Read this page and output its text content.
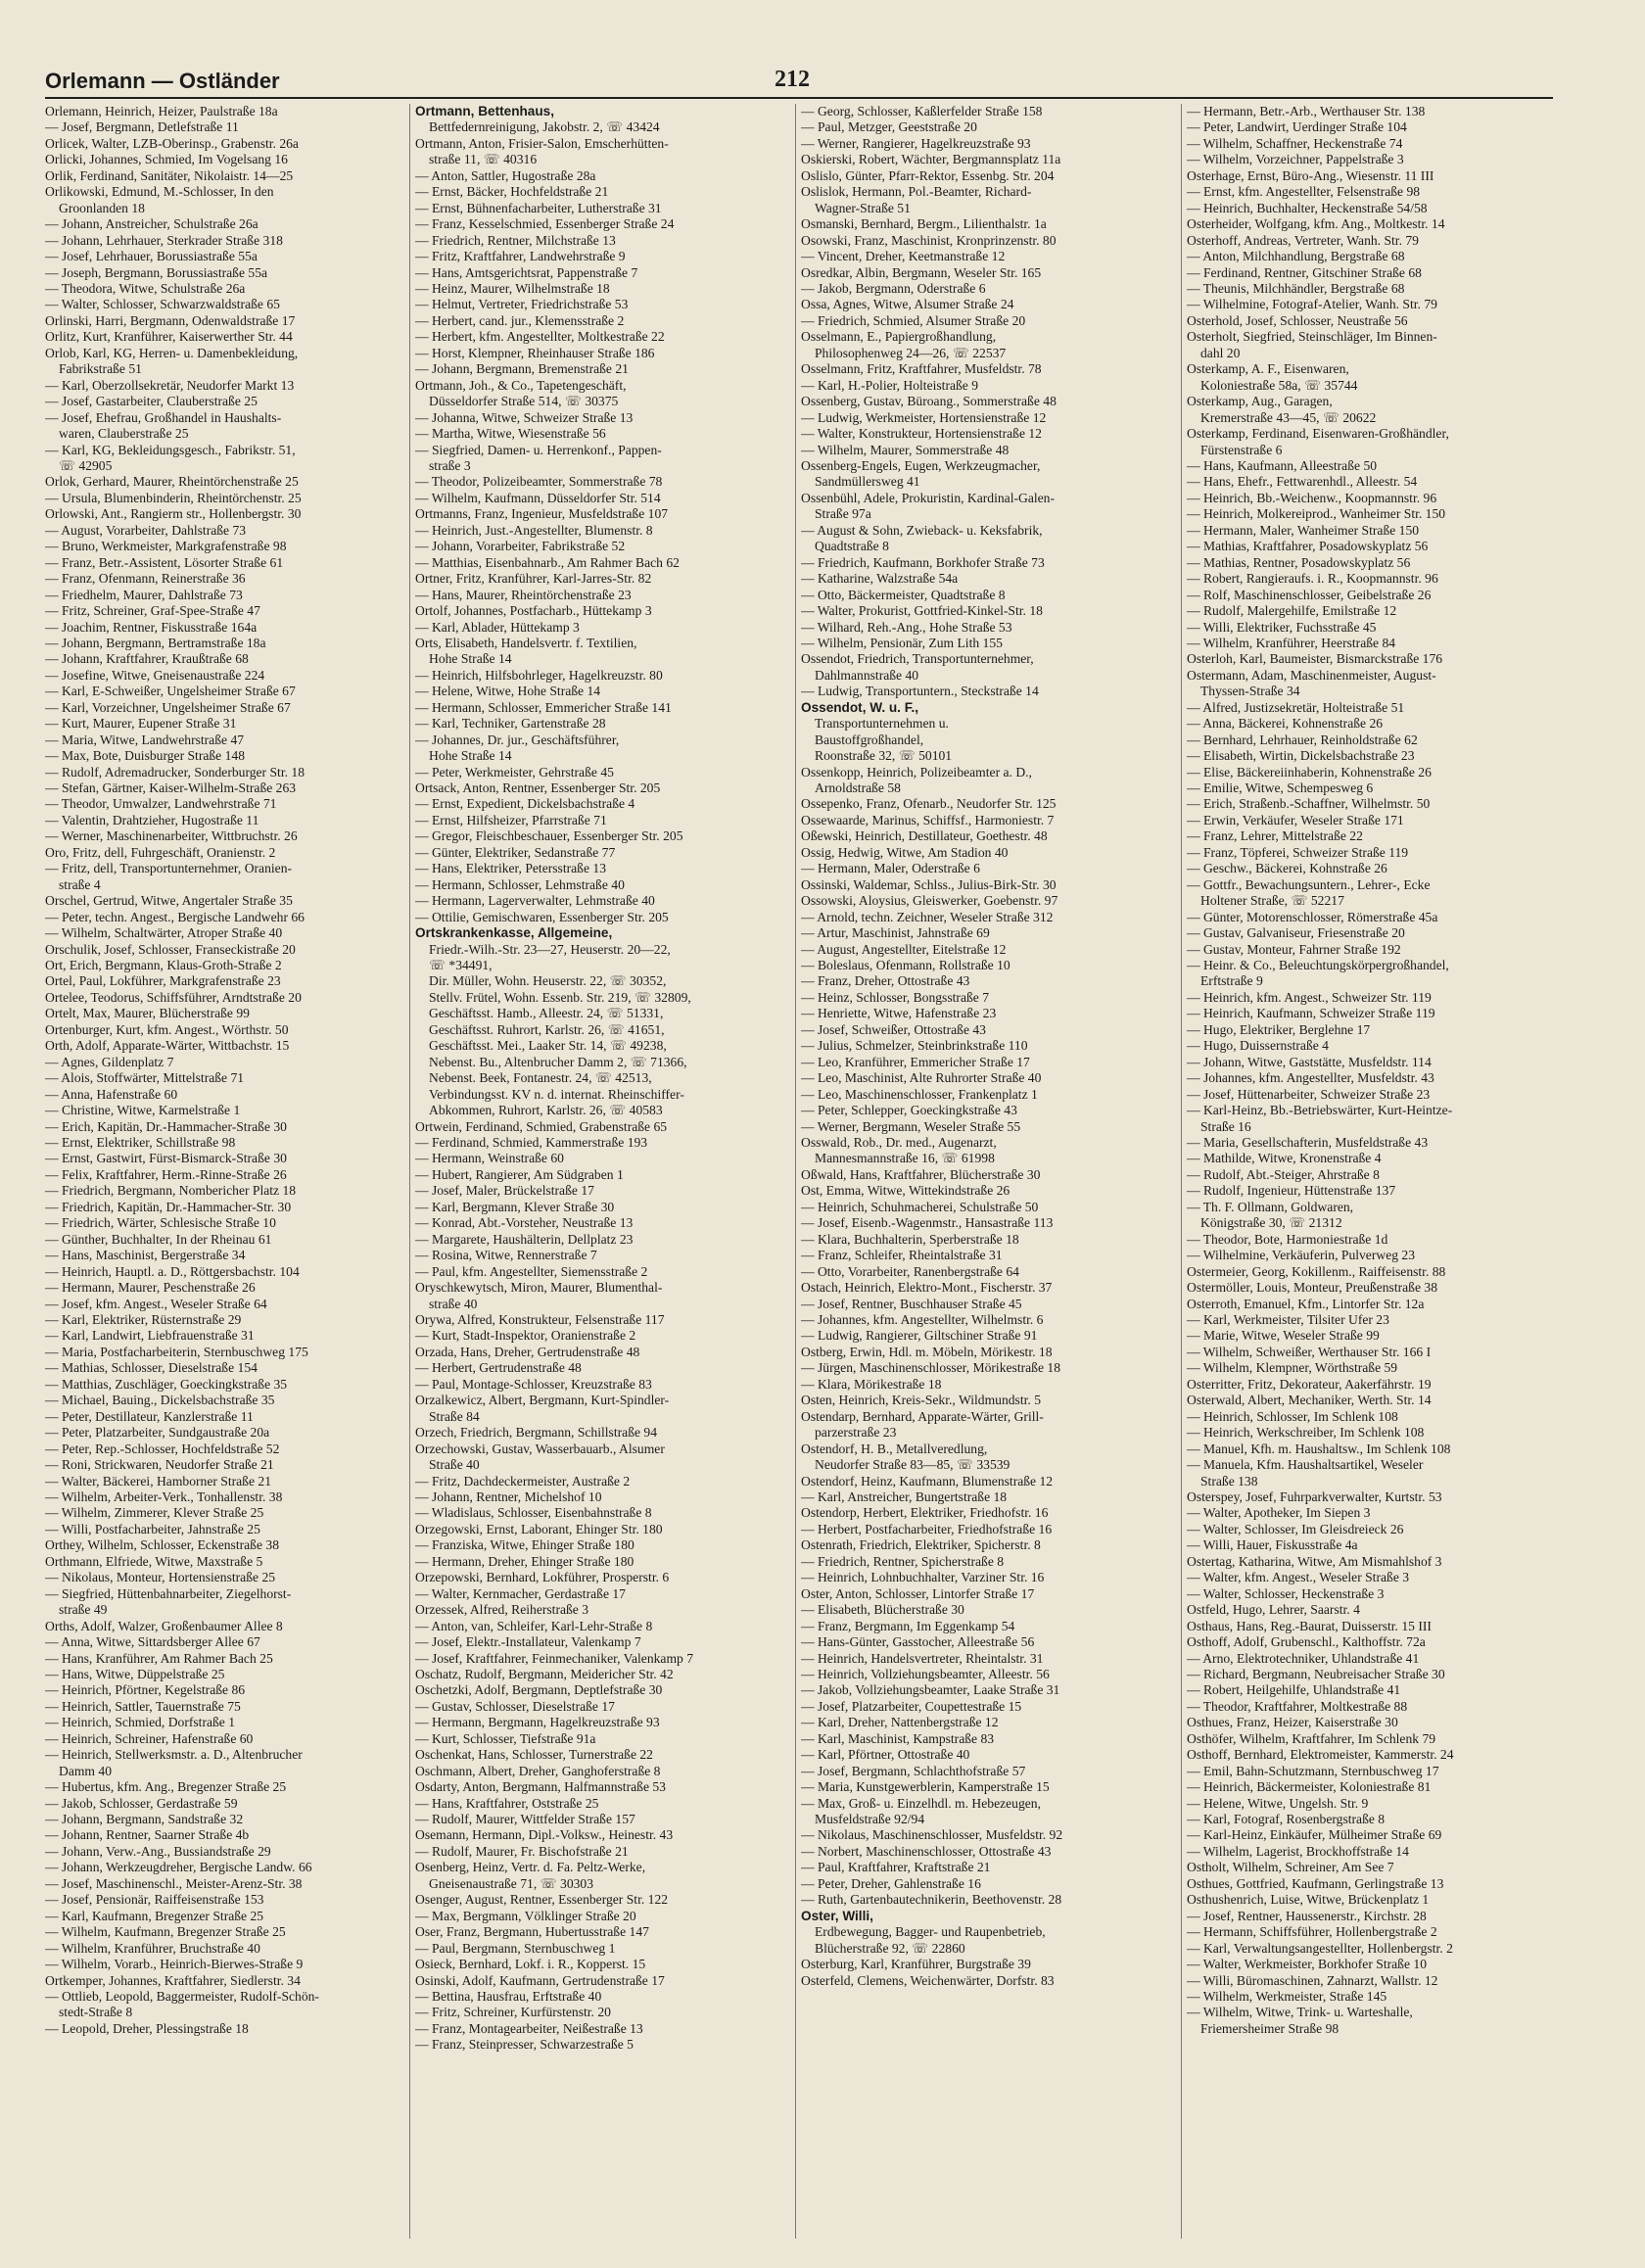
Orlemann — Ostländer	212
Orlemann, Heinrich, Heizer, Paulstraße 18a
— Josef, Bergmann, Detlefstraße 11
Orlicek, Walter, LZB-Oberinsp., Grabenstr. 26a
Orlicki, Johannes, Schmied, Im Vogelsang 16
Orlik, Ferdinand, Sanitäter, Nikolaistr. 14—25
Orlikowski, Edmund, M.-Schlosser, In den
Groonlanden 18
— Johann, Anstreicher, Schulstraße 26a
— Johann, Lehrhauer, Sterkrader Straße 318
— Josef, Lehrhauer, Borussiastraße 55a
— Joseph, Bergmann, Borussiastraße 55a
— Theodora, Witwe, Schulstraße 26a
— Walter, Schlosser, Schwarzwaldstraße 65
Orlinski, Harri, Bergmann, Odenwaldstraße 17
Orlitz, Kurt, Kranführer, Kaiserwerther Str. 44
Orlob, Karl, KG, Herren- u. Damenbekleidung,
Fabrikstraße 51
— Karl, Oberzollsekretär, Neudorfer Markt 13
— Josef, Gastarbeiter, Clauberstraße 25
— Josef, Ehefrau, Großhandel in Haushalts-
waren, Clauberstraße 25
— Karl, KG, Bekleidungsgesch., Fabrikstr. 51,
☏ 42905
Orlok, Gerhard, Maurer, Rheintörchenstraße 25
— Ursula, Blumenbinderin, Rheintörchenstr. 25
Orlowski, Ant., Rangierm str., Hollenbergstr. 30
— August, Vorarbeiter, Dahlstraße 73
— Bruno, Werkmeister, Markgrafenstraße 98
— Franz, Betr.-Assistent, Lösorter Straße 61
— Franz, Ofenmann, Reinerstraße 36
— Friedhelm, Maurer, Dahlstraße 73
— Fritz, Schreiner, Graf-Spee-Straße 47
— Joachim, Rentner, Fiskusstraße 164a
— Johann, Bergmann, Bertramstraße 18a
— Johann, Kraftfahrer, Kraußtraße 68
— Josefine, Witwe, Gneisenaustraße 224
— Karl, E-Schweißer, Ungelsheimer Straße 67
— Karl, Vorzeichner, Ungelsheimer Straße 67
— Kurt, Maurer, Eupener Straße 31
— Maria, Witwe, Landwehrstraße 47
— Max, Bote, Duisburger Straße 148
— Rudolf, Adremadrucker, Sonderburger Str. 18
— Stefan, Gärtner, Kaiser-Wilhelm-Straße 263
— Theodor, Umwalzer, Landwehrstraße 71
— Valentin, Drahtzieher, Hugostraße 11
— Werner, Maschinenarbeiter, Wittbruchstr. 26
Oro, Fritz, dell, Fuhrgeschäft, Oranienstr. 2
— Fritz, dell, Transportunternehmer, Oranien-
straße 4
Orschel, Gertrud, Witwe, Angertaler Straße 35
— Peter, techn. Angest., Bergische Landwehr 66
— Wilhelm, Schaltwärter, Atroper Straße 40
Orschulik, Josef, Schlosser, Franseckistraße 20
Ort, Erich, Bergmann, Klaus-Groth-Straße 2
Ortel, Paul, Lokführer, Markgrafenstraße 23
Ortelee, Teodorus, Schiffsführer, Arndtstraße 20
Ortelt, Max, Maurer, Blücherstraße 99
Ortenburger, Kurt, kfm. Angest., Wörthstr. 50
Orth, Adolf, Apparate-Wärter, Wittbachstr. 15
— Agnes, Gildenplatz 7
— Alois, Stoffwärter, Mittelstraße 71
— Anna, Hafenstraße 60
— Christine, Witwe, Karmelstraße 1
— Erich, Kapitän, Dr.-Hammacher-Straße 30
— Ernst, Elektriker, Schillstraße 98
— Ernst, Gastwirt, Fürst-Bismarck-Straße 30
— Felix, Kraftfahrer, Herm.-Rinne-Straße 26
— Friedrich, Bergmann, Nombericher Platz 18
— Friedrich, Kapitän, Dr.-Hammacher-Str. 30
— Friedrich, Wärter, Schlesische Straße 10
— Günther, Buchhalter, In der Rheinau 61
— Hans, Maschinist, Bergerstraße 34
— Heinrich, Hauptl. a. D., Röttgersbachstr. 104
— Hermann, Maurer, Peschenstraße 26
— Josef, kfm. Angest., Weseler Straße 64
— Karl, Elektriker, Rüsternstraße 29
— Karl, Landwirt, Liebfrauenstraße 31
— Maria, Postfacharbeiterin, Sternbuschweg 175
— Mathias, Schlosser, Dieselstraße 154
— Matthias, Zuschläger, Goeckingkstraße 35
— Michael, Bauing., Dickelsbachstraße 35
— Peter, Destillateur, Kanzlerstraße 11
— Peter, Platzarbeiter, Sundgaustraße 20a
— Peter, Rep.-Schlosser, Hochfeldstraße 52
— Roni, Strickwaren, Neudorfer Straße 21
— Walter, Bäckerei, Hamborner Straße 21
— Wilhelm, Arbeiter-Verk., Tonhallenstr. 38
— Wilhelm, Zimmerer, Klever Straße 25
— Willi, Postfacharbeiter, Jahnstraße 25
Orthey, Wilhelm, Schlosser, Eckenstraße 38
Orthmann, Elfriede, Witwe, Maxstraße 5
— Nikolaus, Monteur, Hortensienstraße 25
— Siegfried, Hüttenbahnarbeiter, Ziegelhorst-
straße 49
Orths, Adolf, Walzer, Großenbaumer Allee 8
— Anna, Witwe, Sittardsberger Allee 67
— Hans, Kranführer, Am Rahmer Bach 25
— Hans, Witwe, Düppelstraße 25
— Heinrich, Pförtner, Kegelstraße 86
— Heinrich, Sattler, Tauernstraße 75
— Heinrich, Schmied, Dorfstraße 1
— Heinrich, Schreiner, Hafenstraße 60
— Heinrich, Stellwerksmstr. a. D., Altenbrucher
Damm 40
— Hubertus, kfm. Ang., Bregenzer Straße 25
— Jakob, Schlosser, Gerdastraße 59
— Johann, Bergmann, Sandstraße 32
— Johann, Rentner, Saarner Straße 4b
— Johann, Verw.-Ang., Bussiandstraße 29
— Johann, Werkzeugdreher, Bergische Landw. 66
— Josef, Maschinenschl., Meister-Arenz-Str. 38
— Josef, Pensionär, Raiffeisenstraße 153
— Karl, Kaufmann, Bregenzer Straße 25
— Wilhelm, Kaufmann, Bregenzer Straße 25
— Wilhelm, Kranführer, Bruchstraße 40
— Wilhelm, Vorarb., Heinrich-Bierwes-Straße 9
Ortkemper, Johannes, Kraftfahrer, Siedlerstr. 34
— Ottlieb, Leopold, Baggermeister, Rudolf-Schön-
stedt-Straße 8
— Leopold, Dreher, Plessingstraße 18
Ortmann, Bettenhaus,
Bettfedernreinigung, Jakobstr. 2, ☏ 43424
Ortmann, Anton, Frisier-Salon, Emscherhütten-
straße 11, ☏ 40316
— Anton, Sattler, Hugostraße 28a
— Ernst, Bäcker, Hochfeldstraße 21
— Ernst, Bühnenfacharbeiter, Lutherstraße 31
— Franz, Kesselschmied, Essenberger Straße 24
— Friedrich, Rentner, Milchstraße 13
— Fritz, Kraftfahrer, Landwehrstraße 9
— Hans, Amtsgerichtsrat, Pappenstraße 7
— Heinz, Maurer, Wilhelmstraße 18
— Helmut, Vertreter, Friedrichstraße 53
— Herbert, cand. jur., Klemensstraße 2
— Herbert, kfm. Angestellter, Moltkestraße 22
— Horst, Klempner, Rheinhauser Straße 186
— Johann, Bergmann, Bremenstraße 21
Ortmann, Joh., & Co., Tapetengeschäft,
Düsseldorfer Straße 514, ☏ 30375
— Johanna, Witwe, Schweizer Straße 13
— Martha, Witwe, Wiesenstraße 56
— Siegfried, Damen- u. Herrenkonf., Pappen-
straße 3
— Theodor, Polizeibeamter, Sommerstraße 78
— Wilhelm, Kaufmann, Düsseldorfer Str. 514
Ortmanns, Franz, Ingenieur, Musfeldstraße 107
— Heinrich, Just.-Angestellter, Blumenstr. 8
— Johann, Vorarbeiter, Fabrikstraße 52
— Matthias, Eisenbahnarb., Am Rahmer Bach 62
Ortner, Fritz, Kranführer, Karl-Jarres-Str. 82
— Hans, Maurer, Rheintörchenstraße 23
Ortolf, Johannes, Postfacharb., Hüttekamp 3
— Karl, Ablader, Hüttekamp 3
Orts, Elisabeth, Handelsvertr. f. Textilien,
Hohe Straße 14
— Heinrich, Hilfsbohrleger, Hagelkreuzstr. 80
— Helene, Witwe, Hohe Straße 14
— Hermann, Schlosser, Emmericher Straße 141
— Karl, Techniker, Gartenstraße 28
— Johannes, Dr. jur., Geschäftsführer,
Hohe Straße 14
— Peter, Werkmeister, Gehrstraße 45
Ortsack, Anton, Rentner, Essenberger Str. 205
— Ernst, Expedient, Dickelsbachstraße 4
— Ernst, Hilfsheizer, Pfarrstraße 71
— Gregor, Fleischbeschauer, Essenberger Str. 205
— Günter, Elektriker, Sedanstraße 77
— Hans, Elektriker, Petersstraße 13
— Hermann, Schlosser, Lehmstraße 40
— Hermann, Lagerverwalter, Lehmstraße 40
— Ottilie, Gemischwaren, Essenberger Str. 205
Ortskrankenkasse, Allgemeine,
Friedr.-Wilh.-Str. 23—27, Heuserstr. 20—22,
☏ *34491,
Dir. Müller, Wohn. Heuserstr. 22, ☏ 30352,
Stellv. Frütel, Wohn. Essenb. Str. 219, ☏ 32809,
Geschäftsst. Hamb., Alleestr. 24, ☏ 51331,
Geschäftsst. Ruhrort, Karlstr. 26, ☏ 41651,
Geschäftsst. Mei., Laaker Str. 14, ☏ 49238,
Nebenst. Bu., Altenbrucher Damm 2, ☏ 71366,
Nebenst. Beek, Fontanestr. 24, ☏ 42513,
Verbindungsst. KV n. d. internat. Rheinschiffer-
Abkommen, Ruhrort, Karlstr. 26, ☏ 40583
Ortwein, Ferdinand, Schmied, Grabenstraße 65
— Ferdinand, Schmied, Kammerstraße 193
— Hermann, Weinstraße 60
— Hubert, Rangierer, Am Südgraben 1
— Josef, Maler, Brückelstraße 17
— Karl, Bergmann, Klever Straße 30
— Konrad, Abt.-Vorsteher, Neustraße 13
— Margarete, Haushälterin, Dellplatz 23
— Rosina, Witwe, Rennerstraße 7
— Paul, kfm. Angestellter, Siemensstraße 2
Oryschkewytsch, Miron, Maurer, Blumenthal-
straße 40
Orywa, Alfred, Konstrukteur, Felsenstraße 117
— Kurt, Stadt-Inspektor, Oranienstraße 2
Orzada, Hans, Dreher, Gertrudenstraße 48
— Herbert, Gertrudenstraße 48
— Paul, Montage-Schlosser, Kreuzstraße 83
Orzalkewicz, Albert, Bergmann, Kurt-Spindler-
Straße 84
Orzech, Friedrich, Bergmann, Schillstraße 94
Orzechowski, Gustav, Wasserbauarb., Alsumer
Straße 40
— Fritz, Dachdeckermeister, Austraße 2
— Johann, Rentner, Michelshof 10
— Wladislaus, Schlosser, Eisenbahnstraße 8
Orzegowski, Ernst, Laborant, Ehinger Str. 180
— Franziska, Witwe, Ehinger Straße 180
— Hermann, Dreher, Ehinger Straße 180
Orzepowski, Bernhard, Lokführer, Prosperstr. 6
— Walter, Kernmacher, Gerdastraße 17
Orzessek, Alfred, Reiherstraße 3
— Anton, van, Schleifer, Karl-Lehr-Straße 8
— Josef, Elektr.-Installateur, Valenkamp 7
— Josef, Kraftfahrer, Feinmechaniker, Valenkamp 7
Oschatz, Rudolf, Bergmann, Meidericher Str. 42
Oschetzki, Adolf, Bergmann, Deptlefstraße 30
— Gustav, Schlosser, Dieselstraße 17
— Hermann, Bergmann, Hagelkreuzstraße 93
— Kurt, Schlosser, Tiefstraße 91a
Oschenkat, Hans, Schlosser, Turnerstraße 22
Oschmann, Albert, Dreher, Ganghoferstraße 8
Osdarty, Anton, Bergmann, Halfmannstraße 53
— Hans, Kraftfahrer, Oststraße 25
— Rudolf, Maurer, Wittfelder Straße 157
Osemann, Hermann, Dipl.-Volksw., Heinestr. 43
— Rudolf, Maurer, Fr. Bischofstraße 21
Osenberg, Heinz, Vertr. d. Fa. Peltz-Werke,
Gneisenaustraße 71, ☏ 30303
Osenger, August, Rentner, Essenberger Str. 122
— Max, Bergmann, Völklinger Straße 20
Oser, Franz, Bergmann, Hubertusstraße 147
— Paul, Bergmann, Sternbuschweg 1
Osieck, Bernhard, Lokf. i. R., Kopperst. 15
Osinski, Adolf, Kaufmann, Gertrudenstraße 17
— Bettina, Hausfrau, Erftstraße 40
— Fritz, Schreiner, Kurfürstenstr. 20
— Franz, Montagearbeiter, Neißestraße 13
— Franz, Steinpresser, Schwarzestraße 5
— Georg, Schlosser, Kaßlerfelder Straße 158
— Paul, Metzger, Geeststraße 20
— Werner, Rangierer, Hagelkreuzstraße 93
Oskierski, Robert, Wächter, Bergmannsplatz 11a
Oslislo, Günter, Pfarr-Rektor, Essenbg. Str. 204
Oslislok, Hermann, Pol.-Beamter, Richard-
Wagner-Straße 51
Osmanski, Bernhard, Bergm., Lilienthalstr. 1a
Osowski, Franz, Maschinist, Kronprinzenstr. 80
— Vincent, Dreher, Keetmanstraße 12
Osredkar, Albin, Bergmann, Weseler Str. 165
— Jakob, Bergmann, Oderstraße 6
Ossa, Agnes, Witwe, Alsumer Straße 24
— Friedrich, Schmied, Alsumer Straße 20
Osselmann, E., Papiergroßhandlung,
Philosophenweg 24—26, ☏ 22537
Osselmann, Fritz, Kraftfahrer, Musfeldstr. 78
— Karl, H.-Polier, Holteistraße 9
Ossenberg, Gustav, Büroang., Sommerstraße 48
— Ludwig, Werkmeister, Hortensienstraße 12
— Walter, Konstrukteur, Hortensienstraße 12
— Wilhelm, Maurer, Sommerstraße 48
Ossenberg-Engels, Eugen, Werkzeugmacher,
Sandmüllersweg 41
Ossenbühl, Adele, Prokuristin, Kardinal-Galen-
Straße 97a
— August & Sohn, Zwieback- u. Keksfabrik,
Quadtstraße 8
— Friedrich, Kaufmann, Borkhofer Straße 73
— Katharine, Walzstraße 54a
— Otto, Bäckermeister, Quadtstraße 8
— Walter, Prokurist, Gottfried-Kinkel-Str. 18
— Wilhard, Reh.-Ang., Hohe Straße 53
— Wilhelm, Pensionär, Zum Lith 155
Ossendot, Friedrich, Transportunternehmer,
Dahlmannstraße 40
— Ludwig, Transportuntern., Steckstraße 14
Ossendot, W. u. F.,
Transportunternehmen u.
Baustoffgroßhandel,
Roonstraße 32, ☏ 50101
Ossenkopp, Heinrich, Polizeibeamter a. D.,
Arnoldstraße 58
Ossepenko, Franz, Ofenarb., Neudorfer Str. 125
Ossewaarde, Marinus, Schiffsf., Harmoniestr. 7
Oßewski, Heinrich, Destillateur, Goethestr. 48
Ossig, Hedwig, Witwe, Am Stadion 40
— Hermann, Maler, Oderstraße 6
Ossinski, Waldemar, Schlss., Julius-Birk-Str. 30
Ossowski, Aloysius, Gleiswerker, Goebenstr. 97
— Arnold, techn. Zeichner, Weseler Straße 312
— Artur, Maschinist, Jahnstraße 69
— August, Angestellter, Eitelstraße 12
— Boleslaus, Ofenmann, Rollstraße 10
— Franz, Dreher, Ottostraße 43
— Heinz, Schlosser, Bongsstraße 7
— Henriette, Witwe, Hafenstraße 23
— Josef, Schweißer, Ottostraße 43
— Julius, Schmelzer, Steinbrinkstraße 110
— Leo, Kranführer, Emmericher Straße 17
— Leo, Maschinist, Alte Ruhrorter Straße 40
— Leo, Maschinenschlosser, Frankenplatz 1
— Peter, Schlepper, Goeckingkstraße 43
— Werner, Bergmann, Weseler Straße 55
Osswald, Rob., Dr. med., Augenarzt,
Mannesmannstraße 16, ☏ 61998
Oßwald, Hans, Kraftfahrer, Blücherstraße 30
Ost, Emma, Witwe, Wittekindstraße 26
— Heinrich, Schuhmacherei, Schulstraße 50
— Josef, Eisenb.-Wagenmstr., Hansastraße 113
— Klara, Buchhalterin, Sperberstraße 18
— Franz, Schleifer, Rheintalstraße 31
— Otto, Vorarbeiter, Ranenbergstraße 64
Ostach, Heinrich, Elektro-Mont., Fischerstr. 37
— Josef, Rentner, Buschhauser Straße 45
— Johannes, kfm. Angestellter, Wilhelmstr. 6
— Ludwig, Rangierer, Giltschiner Straße 91
Ostberg, Erwin, Hdl. m. Möbeln, Mörikestr. 18
— Jürgen, Maschinenschlosser, Mörikestraße 18
— Klara, Mörikestraße 18
Osten, Heinrich, Kreis-Sekr., Wildmundstr. 5
Ostendarp, Bernhard, Apparate-Wärter, Grill-
parzerstraße 23
Ostendorf, H. B., Metallveredlung,
Neudorfer Straße 83—85, ☏ 33539
Ostendorf, Heinz, Kaufmann, Blumenstraße 12
— Karl, Anstreicher, Bungertstraße 18
Ostendorp, Herbert, Elektriker, Friedhofstr. 16
— Herbert, Postfacharbeiter, Friedhofstraße 16
Ostenrath, Friedrich, Elektriker, Spicherstr. 8
— Friedrich, Rentner, Spicherstraße 8
— Heinrich, Lohnbuchhalter, Varziner Str. 16
Oster, Anton, Schlosser, Lintorfer Straße 17
— Elisabeth, Blücherstraße 30
— Franz, Bergmann, Im Eggenkamp 54
— Hans-Günter, Gasstocher, Alleestraße 56
— Heinrich, Handelsvertreter, Rheintalstr. 31
— Heinrich, Vollziehungsbeamter, Alleestr. 56
— Jakob, Vollziehungsbeamter, Laake Straße 31
— Josef, Platzarbeiter, Coupettestraße 15
— Karl, Dreher, Nattenbergstraße 12
— Karl, Maschinist, Kampstraße 83
— Karl, Pförtner, Ottostraße 40
— Josef, Bergmann, Schlachthofstraße 57
— Maria, Kunstgewerblerin, Kamperstraße 15
— Max, Groß- u. Einzelhdl. m. Hebezeugen,
Musfeldstraße 92/94
— Nikolaus, Maschinenschlosser, Musfeldstr. 92
— Norbert, Maschinenschlosser, Ottostraße 43
— Paul, Kraftfahrer, Kraftstraße 21
— Peter, Dreher, Gahlenstraße 16
— Ruth, Gartenbautechnikerin, Beethovenstr. 28
Oster, Willi,
Erdbewegung, Bagger- und Raupenbetrieb,
Blücherstraße 92, ☏ 22860
Osterburg, Karl, Kranführer, Burgstraße 39
Osterfeld, Clemens, Weichenwärter, Dorfstr. 83
— Hermann, Betr.-Arb., Werthauser Str. 138
— Peter, Landwirt, Uerdinger Straße 104
— Wilhelm, Schaffner, Heckenstraße 74
— Wilhelm, Vorzeichner, Pappelstraße 3
Osterhage, Ernst, Büro-Ang., Wiesenstr. 11 III
— Ernst, kfm. Angestellter, Felsenstraße 98
— Heinrich, Buchhalter, Heckenstraße 54/58
Osterheider, Wolfgang, kfm. Ang., Moltkestr. 14
Osterhoff, Andreas, Vertreter, Wanh. Str. 79
— Anton, Milchhandlung, Bergstraße 68
— Ferdinand, Rentner, Gitschiner Straße 68
— Theunis, Milchhändler, Bergstraße 68
— Wilhelmine, Fotograf-Atelier, Wanh. Str. 79
Osterhold, Josef, Schlosser, Neustraße 56
Osterholt, Siegfried, Steinschläger, Im Binnen-
dahl 20
Osterkamp, A. F., Eisenwaren,
Koloniestraße 58a, ☏ 35744
Osterkamp, Aug., Garagen,
Kremerstraße 43—45, ☏ 20622
Osterkamp, Ferdinand, Eisenwaren-Großhändler,
Fürstenstraße 6
— Hans, Kaufmann, Alleestraße 50
— Hans, Ehefr., Fettwarenhdl., Alleestr. 54
— Heinrich, Bb.-Weichenw., Koopmannstr. 96
— Heinrich, Molkereiprod., Wanheimer Str. 150
— Hermann, Maler, Wanheimer Straße 150
— Mathias, Kraftfahrer, Posadowskyplatz 56
— Mathias, Rentner, Posadowskyplatz 56
— Robert, Rangieraufs. i. R., Koopmannstr. 96
— Rolf, Maschinenschlosser, Geibelstraße 26
— Rudolf, Malergehilfe, Emilstraße 12
— Willi, Elektriker, Fuchsstraße 45
— Wilhelm, Kranführer, Heerstraße 84
Osterloh, Karl, Baumeister, Bismarckstraße 176
Ostermann, Adam, Maschinenmeister, August-
Thyssen-Straße 34
— Alfred, Justizsekretär, Holteistraße 51
— Anna, Bäckerei, Kohnenstraße 26
— Bernhard, Lehrhauer, Reinholdstraße 62
— Elisabeth, Wirtin, Dickelsbachstraße 23
— Elise, Bäckereiinhaberin, Kohnenstraße 26
— Emilie, Witwe, Schempesweg 6
— Erich, Straßenb.-Schaffner, Wilhelmstr. 50
— Erwin, Verkäufer, Weseler Straße 171
— Franz, Lehrer, Mittelstraße 22
— Franz, Töpferei, Schweizer Straße 119
— Geschw., Bäckerei, Kohnstraße 26
— Gottfr., Bewachungsuntern., Lehrer-, Ecke
Holtener Straße, ☏ 52217
— Günter, Motorenschlosser, Römerstraße 45a
— Gustav, Galvaniseur, Friesenstraße 20
— Gustav, Monteur, Fahrner Straße 192
— Heinr. & Co., Beleuchtungskörpergroßhandel,
Erftstraße 9
— Heinrich, kfm. Angest., Schweizer Str. 119
— Heinrich, Kaufmann, Schweizer Straße 119
— Hugo, Elektriker, Berglehne 17
— Hugo, Duissernstraße 4
— Johann, Witwe, Gaststätte, Musfeldstr. 114
— Johannes, kfm. Angestellter, Musfeldstr. 43
— Josef, Hüttenarbeiter, Schweizer Straße 23
— Karl-Heinz, Bb.-Betriebswärter, Kurt-Heintze-
Straße 16
— Maria, Gesellschafterin, Musfeldstraße 43
— Mathilde, Witwe, Kronenstraße 4
— Rudolf, Abt.-Steiger, Ahrstraße 8
— Rudolf, Ingenieur, Hüttenstraße 137
— Th. F. Ollmann, Goldwaren,
Königstraße 30, ☏ 21312
— Theodor, Bote, Harmoniestraße 1d
— Wilhelmine, Verkäuferin, Pulverweg 23
Ostermeier, Georg, Kokillenm., Raiffeisenstr. 88
Ostermöller, Louis, Monteur, Preußenstraße 38
Osterroth, Emanuel, Kfm., Lintorfer Str. 12a
— Karl, Werkmeister, Tilsiter Ufer 23
— Marie, Witwe, Weseler Straße 99
— Wilhelm, Schweißer, Werthauser Str. 166 I
— Wilhelm, Klempner, Wörthstraße 59
Osterritter, Fritz, Dekorateur, Aakerfährstr. 19
Osterwald, Albert, Mechaniker, Werth. Str. 14
— Heinrich, Schlosser, Im Schlenk 108
— Heinrich, Werkschreiber, Im Schlenk 108
— Manuel, Kfh. m. Haushaltsw., Im Schlenk 108
— Manuela, Kfm. Haushaltsartikel, Weseler
Straße 138
Osterspey, Josef, Fuhrparkverwalter, Kurtstr. 53
— Walter, Apotheker, Im Siepen 3
— Walter, Schlosser, Im Gleisdreieck 26
— Willi, Hauer, Fiskusstraße 4a
Ostertag, Katharina, Witwe, Am Mismahlshof 3
— Walter, kfm. Angest., Weseler Straße 3
— Walter, Schlosser, Heckenstraße 3
Ostfeld, Hugo, Lehrer, Saarstr. 4
Osthaus, Hans, Reg.-Baurat, Duisserstr. 15 III
Osthoff, Adolf, Grubenschl., Kalthoffstr. 72a
— Arno, Elektrotechniker, Uhlandstraße 41
— Richard, Bergmann, Neubreisacher Straße 30
— Robert, Heilgehilfe, Uhlandstraße 41
— Theodor, Kraftfahrer, Moltkestraße 88
Osthues, Franz, Heizer, Kaiserstraße 30
Osthöfer, Wilhelm, Kraftfahrer, Im Schlenk 79
Osthoff, Bernhard, Elektromeister, Kammerstr. 24
— Emil, Bahn-Schutzmann, Sternbuschweg 17
— Heinrich, Bäckermeister, Koloniestraße 81
— Helene, Witwe, Ungelsh. Str. 9
— Karl, Fotograf, Rosenbergstraße 8
— Karl-Heinz, Einkäufer, Mülheimer Straße 69
— Wilhelm, Lagerist, Brockhoffstraße 14
Ostholt, Wilhelm, Schreiner, Am See 7
Osthues, Gottfried, Kaufmann, Gerlingstraße 13
Osthushenrich, Luise, Witwe, Brückenplatz 1
— Josef, Rentner, Haussenerstr., Kirchstr. 28
— Hermann, Schiffsführer, Hollenbergstraße 2
— Karl, Verwaltungsangestellter, Hollenbergstr. 2
— Walter, Werkmeister, Borkhofer Straße 10
— Willi, Büromaschinen, Zahnarzt, Wallstr. 12
— Wilhelm, Werkmeister, Straße 145
— Wilhelm, Witwe, Trink- u. Warteshalle,
Friemersheimer Straße 98
